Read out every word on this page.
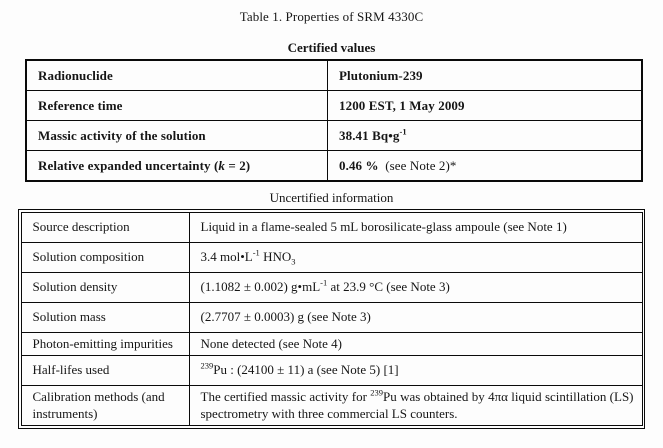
Table 1. Properties of SRM 4330C
Certified values
Radionuclide	Plutonium-239
Reference time	1200 EST, 1 May 2009
Massic activity of the solution	38.41 $Bq•g^{-1}$
Relative expanded uncertainty (k = 2)	0.46 % (see Note 2)*
Uncertified information
Source description	Liquid in a flame-sealed 5 mL borosilicate-glass ampoule (see Note 1)
Solution composition	3.4 $mol•L^{-1}$ $HNO_3$
Solution density	(1.1082 ± 0.002) $g•mL^{-1}$ at 23.9 °C (see Note 3)
Solution mass	(2.7707 ± 0.0003) g (see Note 3)
Photon-emitting impurities	None detected (see Note 4)
Half-lifes used	$^{239}$Pu : (24100 ± 11) a (see Note 5) [1]
Calibration methods (and instruments)	The certified massic activity for $^{239}$Pu was obtained by 4πα liquid scintillation (LS) spectrometry with three commercial LS counters.
